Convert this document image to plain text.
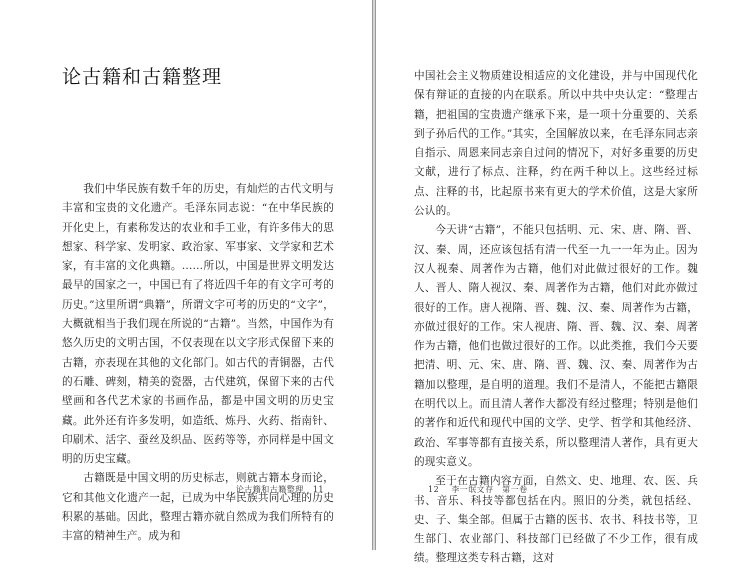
论古籍和古籍整理

我们中华民族有数千年的历史，有灿烂的古代文明与丰富和宝贵的文化遗产。毛泽东同志说：“在中华民族的开化史上，有素称发达的农业和手工业，有许多伟大的思想家、科学家、发明家、政治家、军事家、文学家和艺术家，有丰富的文化典籍。……所以，中国是世界文明发达最早的国家之一，中国已有了将近四千年的有文字可考的历史。”这里所谓“典籍”，所谓文字可考的历史的“文字”，大概就相当于我们现在所说的“古籍”。当然，中国作为有悠久历史的文明古国，不仅表现在以文字形式保留下来的古籍，亦表现在其他的文化部门。如古代的青铜器，古代的石雕、碑刻，精美的瓷器，古代建筑，保留下来的古代壁画和各代艺术家的书画作品，都是中国文明的历史宝藏。此外还有许多发明，如造纸、炼丹、火药、指南针、印刷术、活字、蚕丝及织品、医药等等，亦同样是中国文明的历史宝藏。

古籍既是中国文明的历史标志，则就古籍本身而论，它和其他文化遗产一起，已成为中华民族共同心理的历史积累的基础。因此，整理古籍亦就自然成为我们所特有的丰富的精神生产。成为和

论古籍和古籍整理 11

中国社会主义物质建设相适应的文化建设，并与中国现代化保有辩证的直接的内在联系。所以中共中央认定：“整理古籍，把祖国的宝贵遗产继承下来，是一项十分重要的、关系到子孙后代的工作。”其实，全国解放以来，在毛泽东同志亲自指示、周恩来同志亲自过问的情况下，对好多重要的历史文献，进行了标点、注释，约在两千种以上。这些经过标点、注释的书，比起原书来有更大的学术价值，这是大家所公认的。

今天讲“古籍”，不能只包括明、元、宋、唐、隋、晋、汉、秦、周，还应该包括有清一代至一九一一年为止。因为汉人视秦、周著作为古籍，他们对此做过很好的工作。魏人、晋人、隋人视汉、秦、周著作为古籍，他们对此亦做过很好的工作。唐人视隋、晋、魏、汉、秦、周著作为古籍，亦做过很好的工作。宋人视唐、隋、晋、魏、汉、秦、周著作为古籍，他们也做过很好的工作。以此类推，我们今天要把清、明、元、宋、唐、隋、晋、魏、汉、秦、周著作为古籍加以整理，是自明的道理。我们不是清人，不能把古籍限在明代以上。而且清人著作大都没有经过整理；特别是他们的著作和近代和现代中国的文学、史学、哲学和其他经济、政治、军事等都有直接关系，所以整理清人著作，具有更大的现实意义。

至于在古籍内容方面，自然文、史、地理、农、医、兵书、音乐、科技等都包括在内。照旧的分类，就包括经、史、子、集全部。但属于古籍的医书、农书、科技书等，卫生部门、农业部门、科技部门已经做了不少工作，很有成绩。整理这类专科古籍，这对

12 李一氓文存　第一卷
